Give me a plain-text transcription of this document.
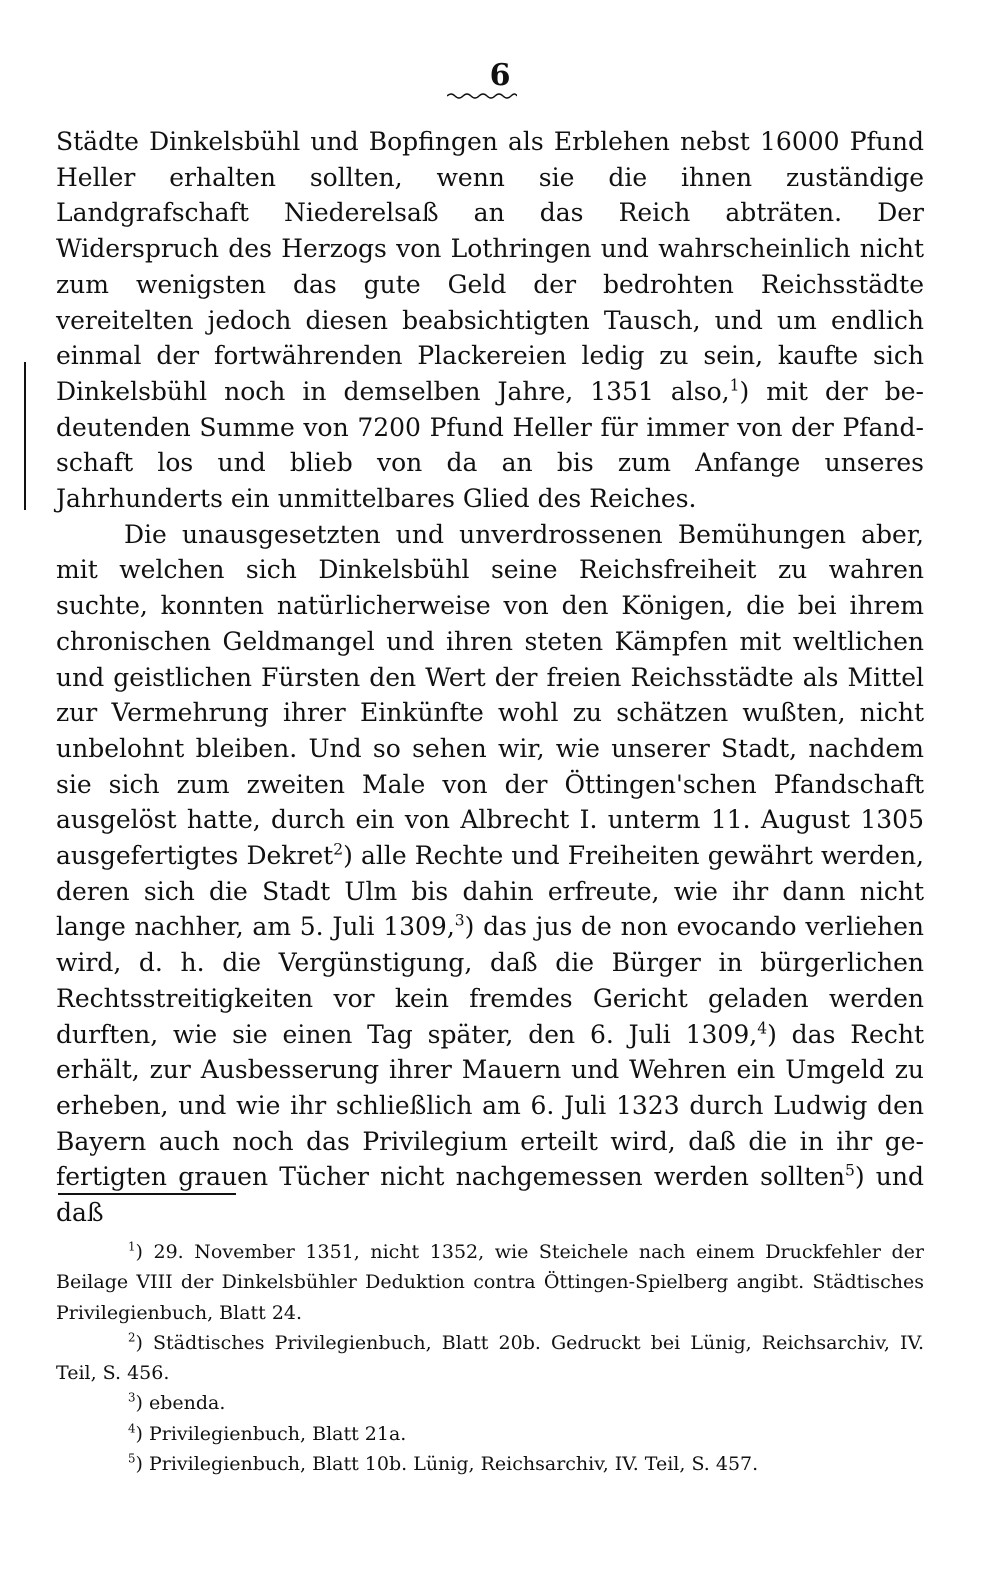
6

Städte Dinkelsbühl und Bopfingen als Erblehen nebst 16000 Pfund Heller erhalten sollten, wenn sie die ihnen zuständige Landgrafschaft Niederelsaß an das Reich abträten. Der Widerspruch des Herzogs von Lothringen und wahrscheinlich nicht zum wenigsten das gute Geld der bedrohten Reichsstädte vereitelten jedoch diesen beabsichtigten Tausch, und um endlich einmal der fortwährenden Plackereien ledig zu sein, kaufte sich Dinkelsbühl noch in demselben Jahre, 1351 also,$^1$) mit der bedeutenden Summe von 7200 Pfund Heller für immer von der Pfandschaft los und blieb von da an bis zum Anfange unseres Jahrhunderts ein unmittelbares Glied des Reiches.

Die unausgesetzten und unverdrossenen Bemühungen aber, mit welchen sich Dinkelsbühl seine Reichsfreiheit zu wahren suchte, konnten natürlicherweise von den Königen, die bei ihrem chronischen Geldmangel und ihren steten Kämpfen mit weltlichen und geistlichen Fürsten den Wert der freien Reichsstädte als Mittel zur Vermehrung ihrer Einkünfte wohl zu schätzen wußten, nicht unbelohnt bleiben. Und so sehen wir, wie unserer Stadt, nachdem sie sich zum zweiten Male von der Öttingen'schen Pfandschaft ausgelöst hatte, durch ein von Albrecht I. unterm 11. August 1305 ausgefertigtes Dekret$^2$) alle Rechte und Freiheiten gewährt werden, deren sich die Stadt Ulm bis dahin erfreute, wie ihr dann nicht lange nachher, am 5. Juli 1309,$^3$) das jus de non evocando verliehen wird, d. h. die Vergünstigung, daß die Bürger in bürgerlichen Rechtsstreitigkeiten vor kein fremdes Gericht geladen werden durften, wie sie einen Tag später, den 6. Juli 1309,$^4$) das Recht erhält, zur Ausbesserung ihrer Mauern und Wehren ein Umgeld zu erheben, und wie ihr schließlich am 6. Juli 1323 durch Ludwig den Bayern auch noch das Privilegium erteilt wird, daß die in ihr gefertigten grauen Tücher nicht nachgemessen werden sollten$^5$) und daß

$^1$) 29. November 1351, nicht 1352, wie Steichele nach einem Druckfehler der Beilage VIII der Dinkelsbühler Deduktion contra Öttingen-Spielberg angibt. Städtisches Privilegienbuch, Blatt 24.

$^2$) Städtisches Privilegienbuch, Blatt 20b. Gedruckt bei Lünig, Reichsarchiv, IV. Teil, S. 456.

$^3$) ebenda.

$^4$) Privilegienbuch, Blatt 21a.

$^5$) Privilegienbuch, Blatt 10b. Lünig, Reichsarchiv, IV. Teil, S. 457.
